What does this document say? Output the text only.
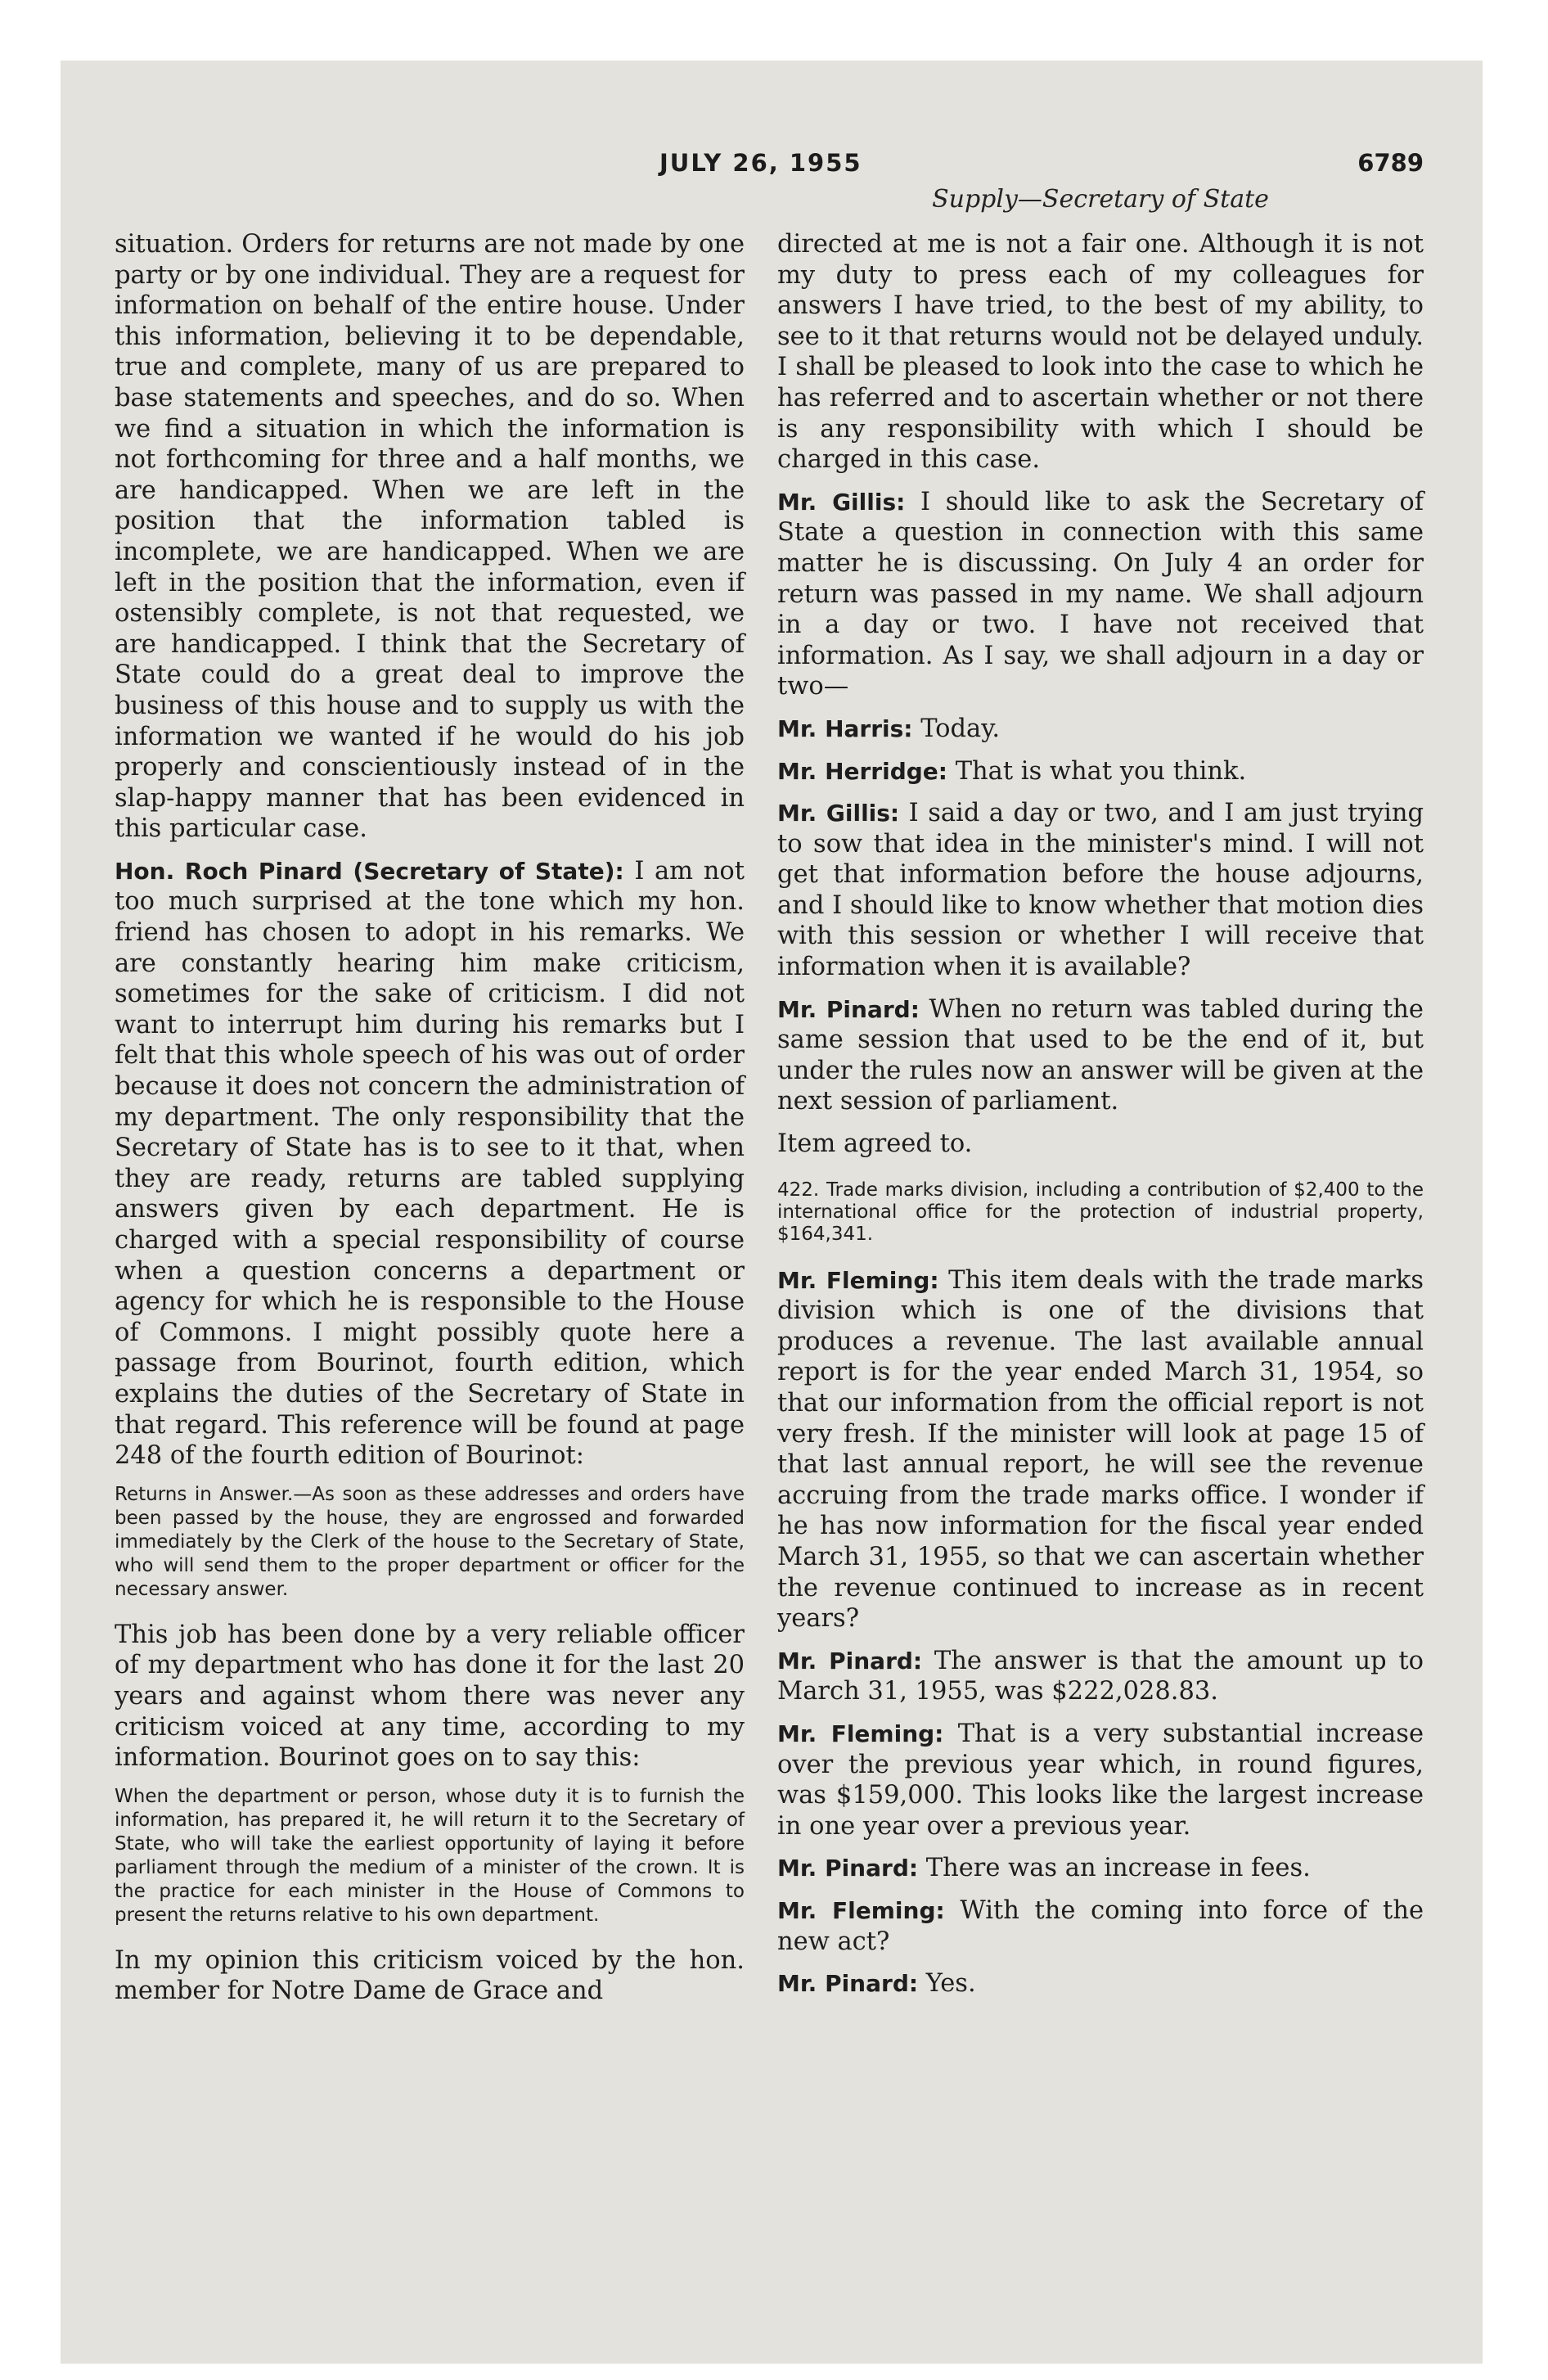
JULY 26, 1955	6789
Supply—Secretary of State

situation. Orders for returns are not made by one party or by one individual. They are a request for information on behalf of the entire house. Under this information, believing it to be dependable, true and complete, many of us are prepared to base statements and speeches, and do so. When we find a situation in which the information is not forthcoming for three and a half months, we are handicapped. When we are left in the position that the information tabled is incomplete, we are handicapped. When we are left in the position that the information, even if ostensibly complete, is not that requested, we are handicapped. I think that the Secretary of State could do a great deal to improve the business of this house and to supply us with the information we wanted if he would do his job properly and conscientiously instead of in the slap-happy manner that has been evidenced in this particular case.

Hon. Roch Pinard (Secretary of State): I am not too much surprised at the tone which my hon. friend has chosen to adopt in his remarks. We are constantly hearing him make criticism, sometimes for the sake of criticism. I did not want to interrupt him during his remarks but I felt that this whole speech of his was out of order because it does not concern the administration of my department. The only responsibility that the Secretary of State has is to see to it that, when they are ready, returns are tabled supplying answers given by each department. He is charged with a special responsibility of course when a question concerns a department or agency for which he is responsible to the House of Commons. I might possibly quote here a passage from Bourinot, fourth edition, which explains the duties of the Secretary of State in that regard. This reference will be found at page 248 of the fourth edition of Bourinot:

Returns in Answer.—As soon as these addresses and orders have been passed by the house, they are engrossed and forwarded immediately by the Clerk of the house to the Secretary of State, who will send them to the proper department or officer for the necessary answer.

This job has been done by a very reliable officer of my department who has done it for the last 20 years and against whom there was never any criticism voiced at any time, according to my information. Bourinot goes on to say this:

When the department or person, whose duty it is to furnish the information, has prepared it, he will return it to the Secretary of State, who will take the earliest opportunity of laying it before parliament through the medium of a minister of the crown. It is the practice for each minister in the House of Commons to present the returns relative to his own department.

In my opinion this criticism voiced by the hon. member for Notre Dame de Grace and

directed at me is not a fair one. Although it is not my duty to press each of my colleagues for answers I have tried, to the best of my ability, to see to it that returns would not be delayed unduly. I shall be pleased to look into the case to which he has referred and to ascertain whether or not there is any responsibility with which I should be charged in this case.

Mr. Gillis: I should like to ask the Secretary of State a question in connection with this same matter he is discussing. On July 4 an order for return was passed in my name. We shall adjourn in a day or two. I have not received that information. As I say, we shall adjourn in a day or two—

Mr. Harris: Today.

Mr. Herridge: That is what you think.

Mr. Gillis: I said a day or two, and I am just trying to sow that idea in the minister's mind. I will not get that information before the house adjourns, and I should like to know whether that motion dies with this session or whether I will receive that information when it is available?

Mr. Pinard: When no return was tabled during the same session that used to be the end of it, but under the rules now an answer will be given at the next session of parliament.

Item agreed to.

422. Trade marks division, including a contribution of $2,400 to the international office for the protection of industrial property, $164,341.

Mr. Fleming: This item deals with the trade marks division which is one of the divisions that produces a revenue. The last available annual report is for the year ended March 31, 1954, so that our information from the official report is not very fresh. If the minister will look at page 15 of that last annual report, he will see the revenue accruing from the trade marks office. I wonder if he has now information for the fiscal year ended March 31, 1955, so that we can ascertain whether the revenue continued to increase as in recent years?

Mr. Pinard: The answer is that the amount up to March 31, 1955, was $222,028.83.

Mr. Fleming: That is a very substantial increase over the previous year which, in round figures, was $159,000. This looks like the largest increase in one year over a previous year.

Mr. Pinard: There was an increase in fees.

Mr. Fleming: With the coming into force of the new act?

Mr. Pinard: Yes.
